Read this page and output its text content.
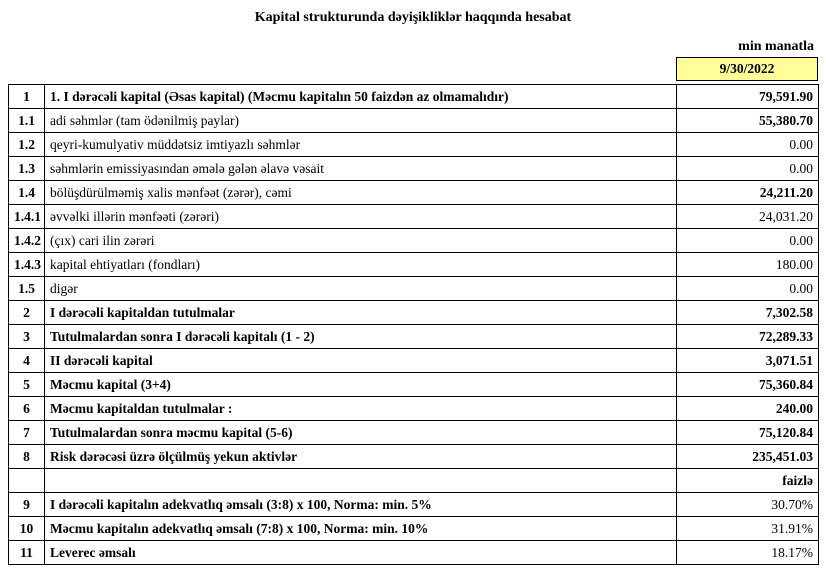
Kapital strukturunda dəyişikliklər haqqında hesabat
min manatla
9/30/2022
1	1. I dərəcəli kapital (Əsas kapital) (Məcmu kapitalın 50 faizdən az olmamalıdır)	79,591.90
1.1	adi səhmlər (tam ödənilmiş paylar)	55,380.70
1.2	qeyri-kumulyativ müddətsiz imtiyazlı səhmlər	0.00
1.3	səhmlərin emissiyasından əmələ gələn əlavə vəsait	0.00
1.4	bölüşdürülməmiş xalis mənfəət (zərər), cəmi	24,211.20
1.4.1	əvvəlki illərin mənfəəti (zərəri)	24,031.20
1.4.2	(çıx) cari ilin zərəri	0.00
1.4.3	kapital ehtiyatları (fondları)	180.00
1.5	digər	0.00
2	I dərəcəli kapitaldan tutulmalar	7,302.58
3	Tutulmalardan sonra I dərəcəli kapitalı (1 - 2)	72,289.33
4	II dərəcəli kapital	3,071.51
5	Məcmu kapital (3+4)	75,360.84
6	Məcmu kapitaldan tutulmalar :	240.00
7	Tutulmalardan sonra məcmu kapital (5-6)	75,120.84
8	Risk dərəcəsi üzrə ölçülmüş yekun aktivlər	235,451.03
		faizlə
9	I dərəcəli kapitalın adekvatlıq əmsalı (3:8) x 100, Norma: min. 5%	30.70%
10	Məcmu kapitalın adekvatlıq əmsalı (7:8) x 100, Norma: min. 10%	31.91%
11	Leverec əmsalı	18.17%
